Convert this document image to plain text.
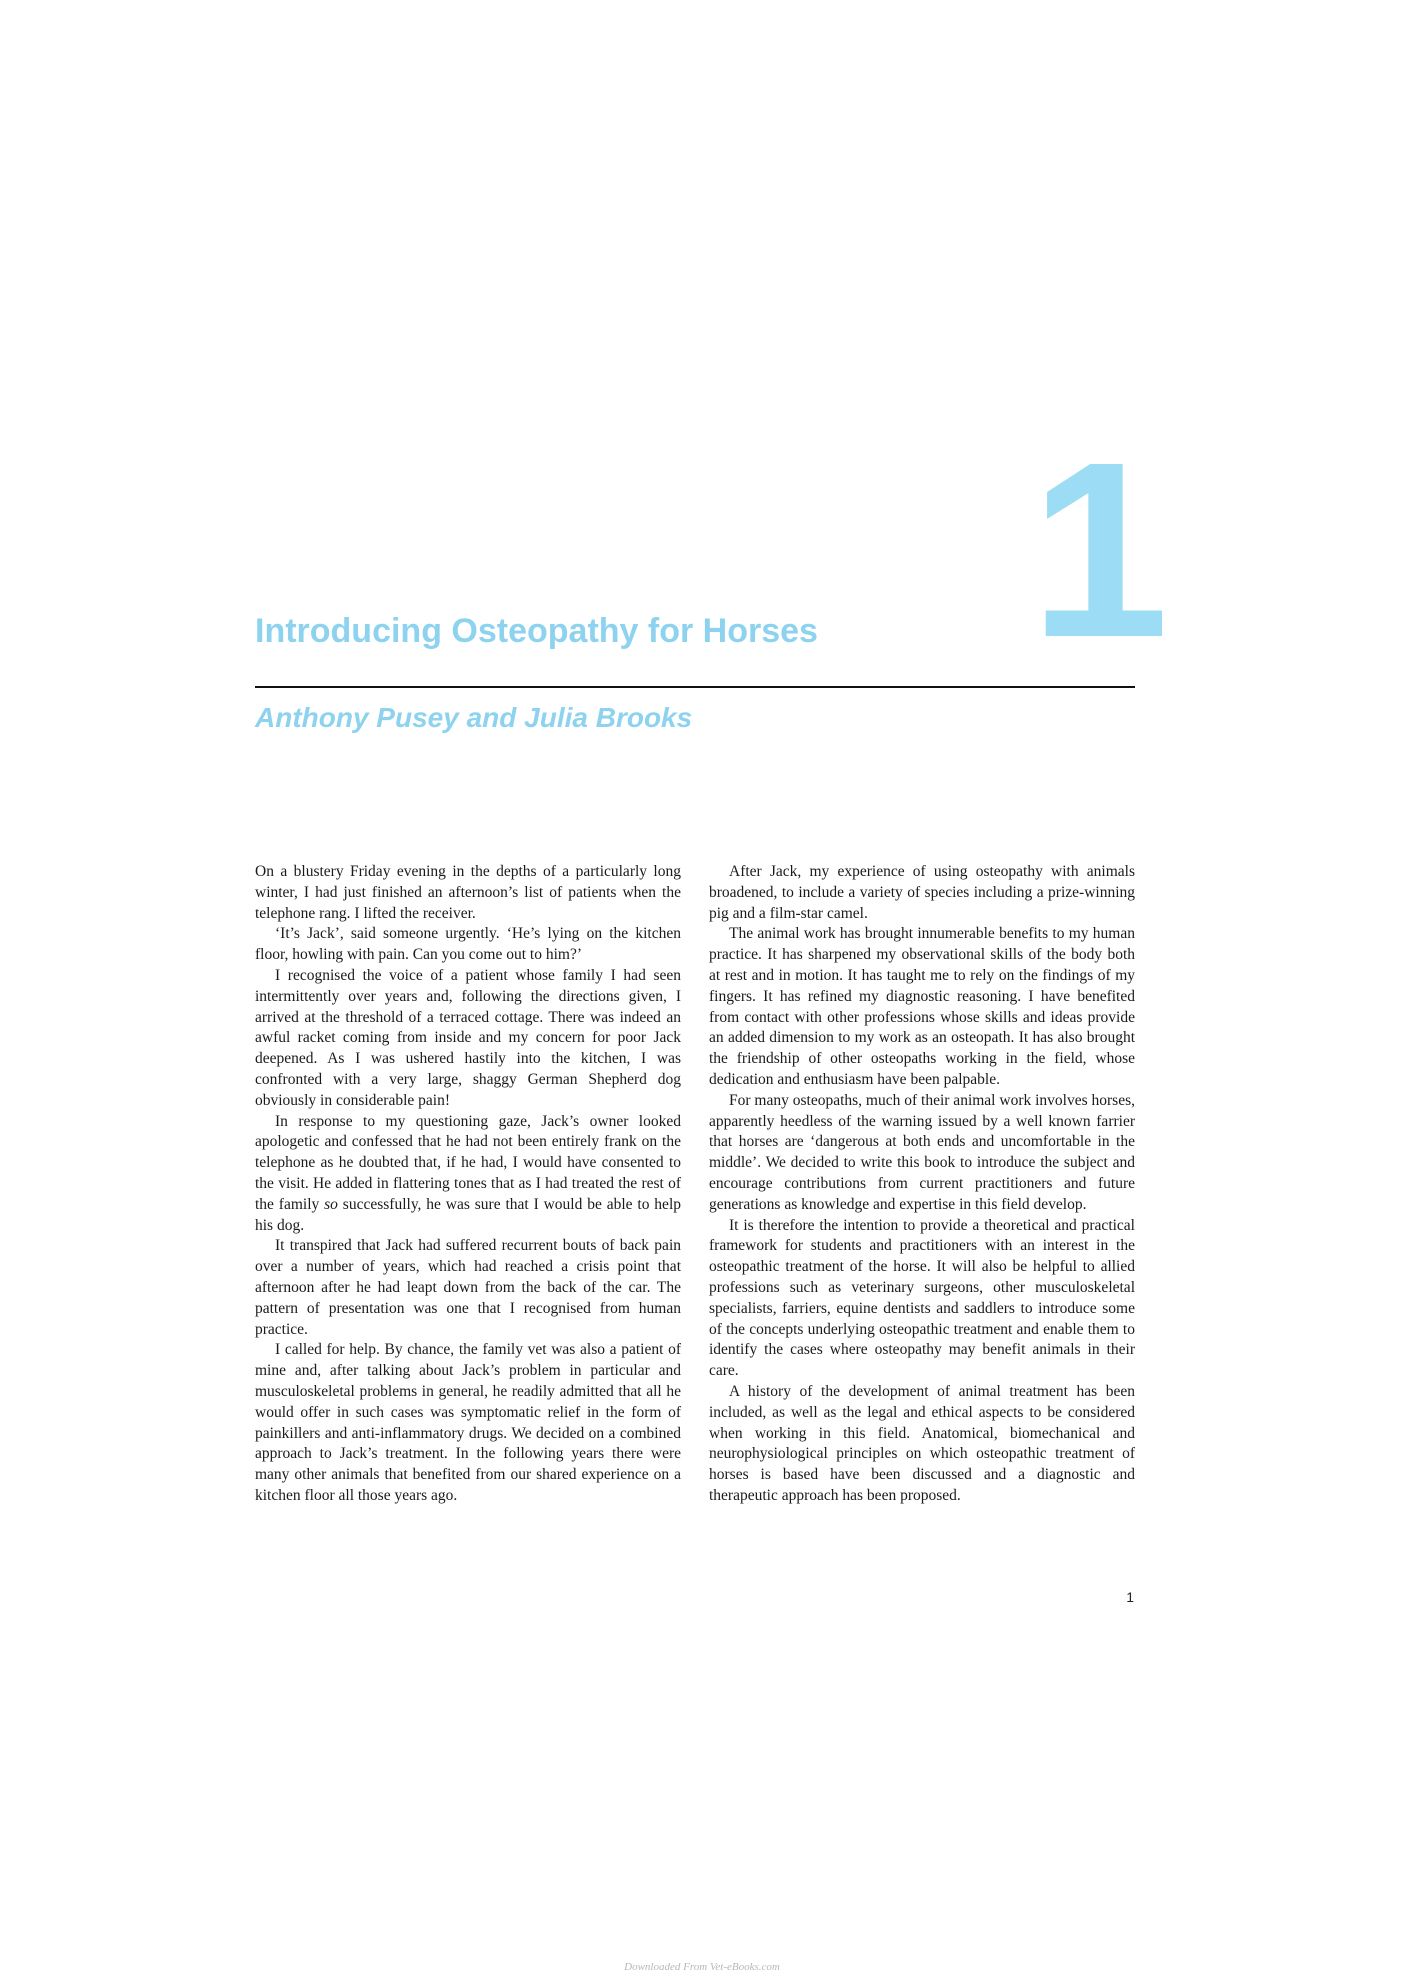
1
Introducing Osteopathy for Horses
Anthony Pusey and Julia Brooks

On a blustery Friday evening in the depths of a particularly long winter, I had just finished an afternoon’s list of patients when the telephone rang. I lifted the receiver.

‘It’s Jack’, said someone urgently. ‘He’s lying on the kitchen floor, howling with pain. Can you come out to him?’

I recognised the voice of a patient whose family I had seen intermittently over years and, following the directions given, I arrived at the threshold of a terraced cottage. There was indeed an awful racket coming from inside and my concern for poor Jack deepened. As I was ushered hastily into the kitchen, I was confronted with a very large, shaggy German Shepherd dog obviously in considerable pain!

In response to my questioning gaze, Jack’s owner looked apologetic and confessed that he had not been entirely frank on the telephone as he doubted that, if he had, I would have consented to the visit. He added in flattering tones that as I had treated the rest of the family so successfully, he was sure that I would be able to help his dog.

It transpired that Jack had suffered recurrent bouts of back pain over a number of years, which had reached a crisis point that afternoon after he had leapt down from the back of the car. The pattern of presentation was one that I recognised from human practice.

I called for help. By chance, the family vet was also a patient of mine and, after talking about Jack’s problem in particular and musculoskeletal problems in general, he readily admitted that all he would offer in such cases was symptomatic relief in the form of painkillers and anti-inflammatory drugs. We decided on a combined approach to Jack’s treatment. In the following years there were many other animals that benefited from our shared experience on a kitchen floor all those years ago.

After Jack, my experience of using osteopathy with animals broadened, to include a variety of species including a prize-winning pig and a film-star camel.

The animal work has brought innumerable benefits to my human practice. It has sharpened my observational skills of the body both at rest and in motion. It has taught me to rely on the findings of my fingers. It has refined my diagnostic reasoning. I have benefited from contact with other professions whose skills and ideas provide an added dimension to my work as an osteopath. It has also brought the friendship of other osteopaths working in the field, whose dedication and enthusiasm have been palpable.

For many osteopaths, much of their animal work involves horses, apparently heedless of the warning issued by a well known farrier that horses are ‘dangerous at both ends and uncomfortable in the middle’. We decided to write this book to introduce the subject and encourage contributions from current practitioners and future generations as knowledge and expertise in this field develop.

It is therefore the intention to provide a theoretical and practical framework for students and practitioners with an interest in the osteopathic treatment of the horse. It will also be helpful to allied professions such as veterinary surgeons, other musculoskeletal specialists, farriers, equine dentists and saddlers to introduce some of the concepts underlying osteopathic treatment and enable them to identify the cases where osteopathy may benefit animals in their care.

A history of the development of animal treatment has been included, as well as the legal and ethical aspects to be considered when working in this field. Anatomical, biomechanical and neurophysiological principles on which osteopathic treatment of horses is based have been discussed and a diagnostic and therapeutic approach has been proposed.

1
Downloaded From Vet-eBooks.com
